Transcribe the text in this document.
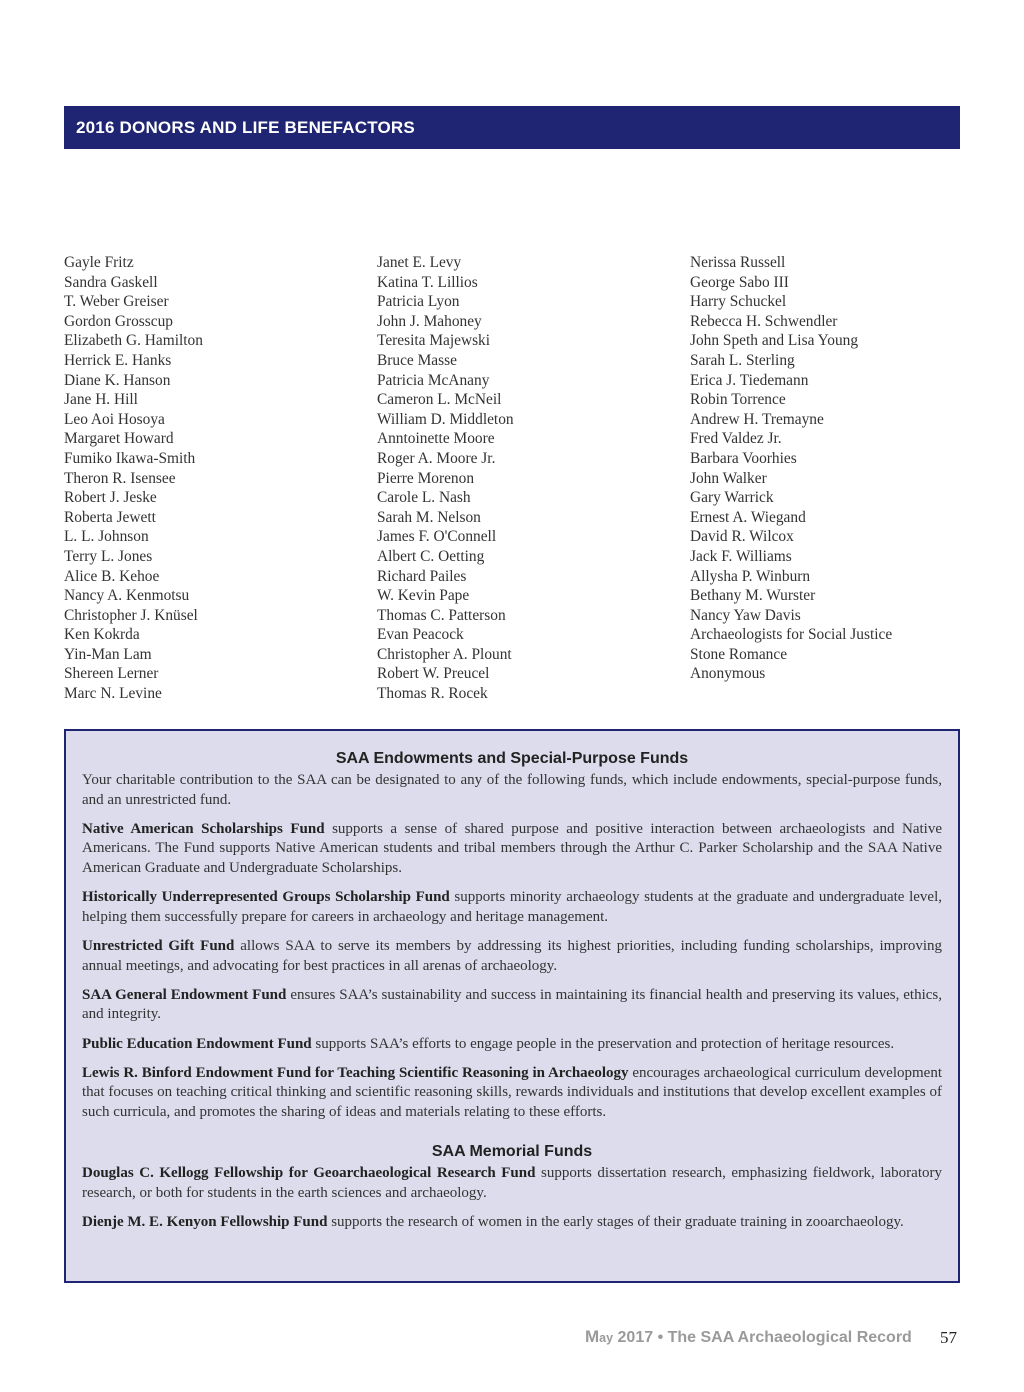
2016 DONORS AND LIFE BENEFACTORS
Gayle Fritz
Sandra Gaskell
T. Weber Greiser
Gordon Grosscup
Elizabeth G. Hamilton
Herrick E. Hanks
Diane K. Hanson
Jane H. Hill
Leo Aoi Hosoya
Margaret Howard
Fumiko Ikawa-Smith
Theron R. Isensee
Robert J. Jeske
Roberta Jewett
L. L. Johnson
Terry L. Jones
Alice B. Kehoe
Nancy A. Kenmotsu
Christopher J. Knüsel
Ken Kokrda
Yin-Man Lam
Shereen Lerner
Marc N. Levine
Janet E. Levy
Katina T. Lillios
Patricia Lyon
John J. Mahoney
Teresita Majewski
Bruce Masse
Patricia McAnany
Cameron L. McNeil
William D. Middleton
Anntoinette Moore
Roger A. Moore Jr.
Pierre Morenon
Carole L. Nash
Sarah M. Nelson
James F. O'Connell
Albert C. Oetting
Richard Pailes
W. Kevin Pape
Thomas C. Patterson
Evan Peacock
Christopher A. Plount
Robert W. Preucel
Thomas R. Rocek
Nerissa Russell
George Sabo III
Harry Schuckel
Rebecca H. Schwendler
John Speth and Lisa Young
Sarah L. Sterling
Erica J. Tiedemann
Robin Torrence
Andrew H. Tremayne
Fred Valdez Jr.
Barbara Voorhies
John Walker
Gary Warrick
Ernest A. Wiegand
David R. Wilcox
Jack F. Williams
Allysha P. Winburn
Bethany M. Wurster
Nancy Yaw Davis
Archaeologists for Social Justice
Stone Romance
Anonymous
SAA Endowments and Special-Purpose Funds

Your charitable contribution to the SAA can be designated to any of the following funds, which include endowments, special-purpose funds, and an unrestricted fund.

Native American Scholarships Fund supports a sense of shared purpose and positive interaction between archaeologists and Native Americans. The Fund supports Native American students and tribal members through the Arthur C. Parker Scholarship and the SAA Native American Graduate and Undergraduate Scholarships.

Historically Underrepresented Groups Scholarship Fund supports minority archaeology students at the graduate and undergraduate level, helping them successfully prepare for careers in archaeology and heritage management.

Unrestricted Gift Fund allows SAA to serve its members by addressing its highest priorities, including funding scholarships, improving annual meetings, and advocating for best practices in all arenas of archaeology.

SAA General Endowment Fund ensures SAA’s sustainability and success in maintaining its financial health and preserving its values, ethics, and integrity.

Public Education Endowment Fund supports SAA’s efforts to engage people in the preservation and protection of heritage resources.

Lewis R. Binford Endowment Fund for Teaching Scientific Reasoning in Archaeology encourages archaeological curriculum development that focuses on teaching critical thinking and scientific reasoning skills, rewards individuals and institutions that develop excellent examples of such curricula, and promotes the sharing of ideas and materials relating to these efforts.

SAA Memorial Funds

Douglas C. Kellogg Fellowship for Geoarchaeological Research Fund supports dissertation research, emphasizing fieldwork, laboratory research, or both for students in the earth sciences and archaeology.

Dienje M. E. Kenyon Fellowship Fund supports the research of women in the early stages of their graduate training in zooarchaeology.

May 2017 • The SAA Archaeological Record 57
